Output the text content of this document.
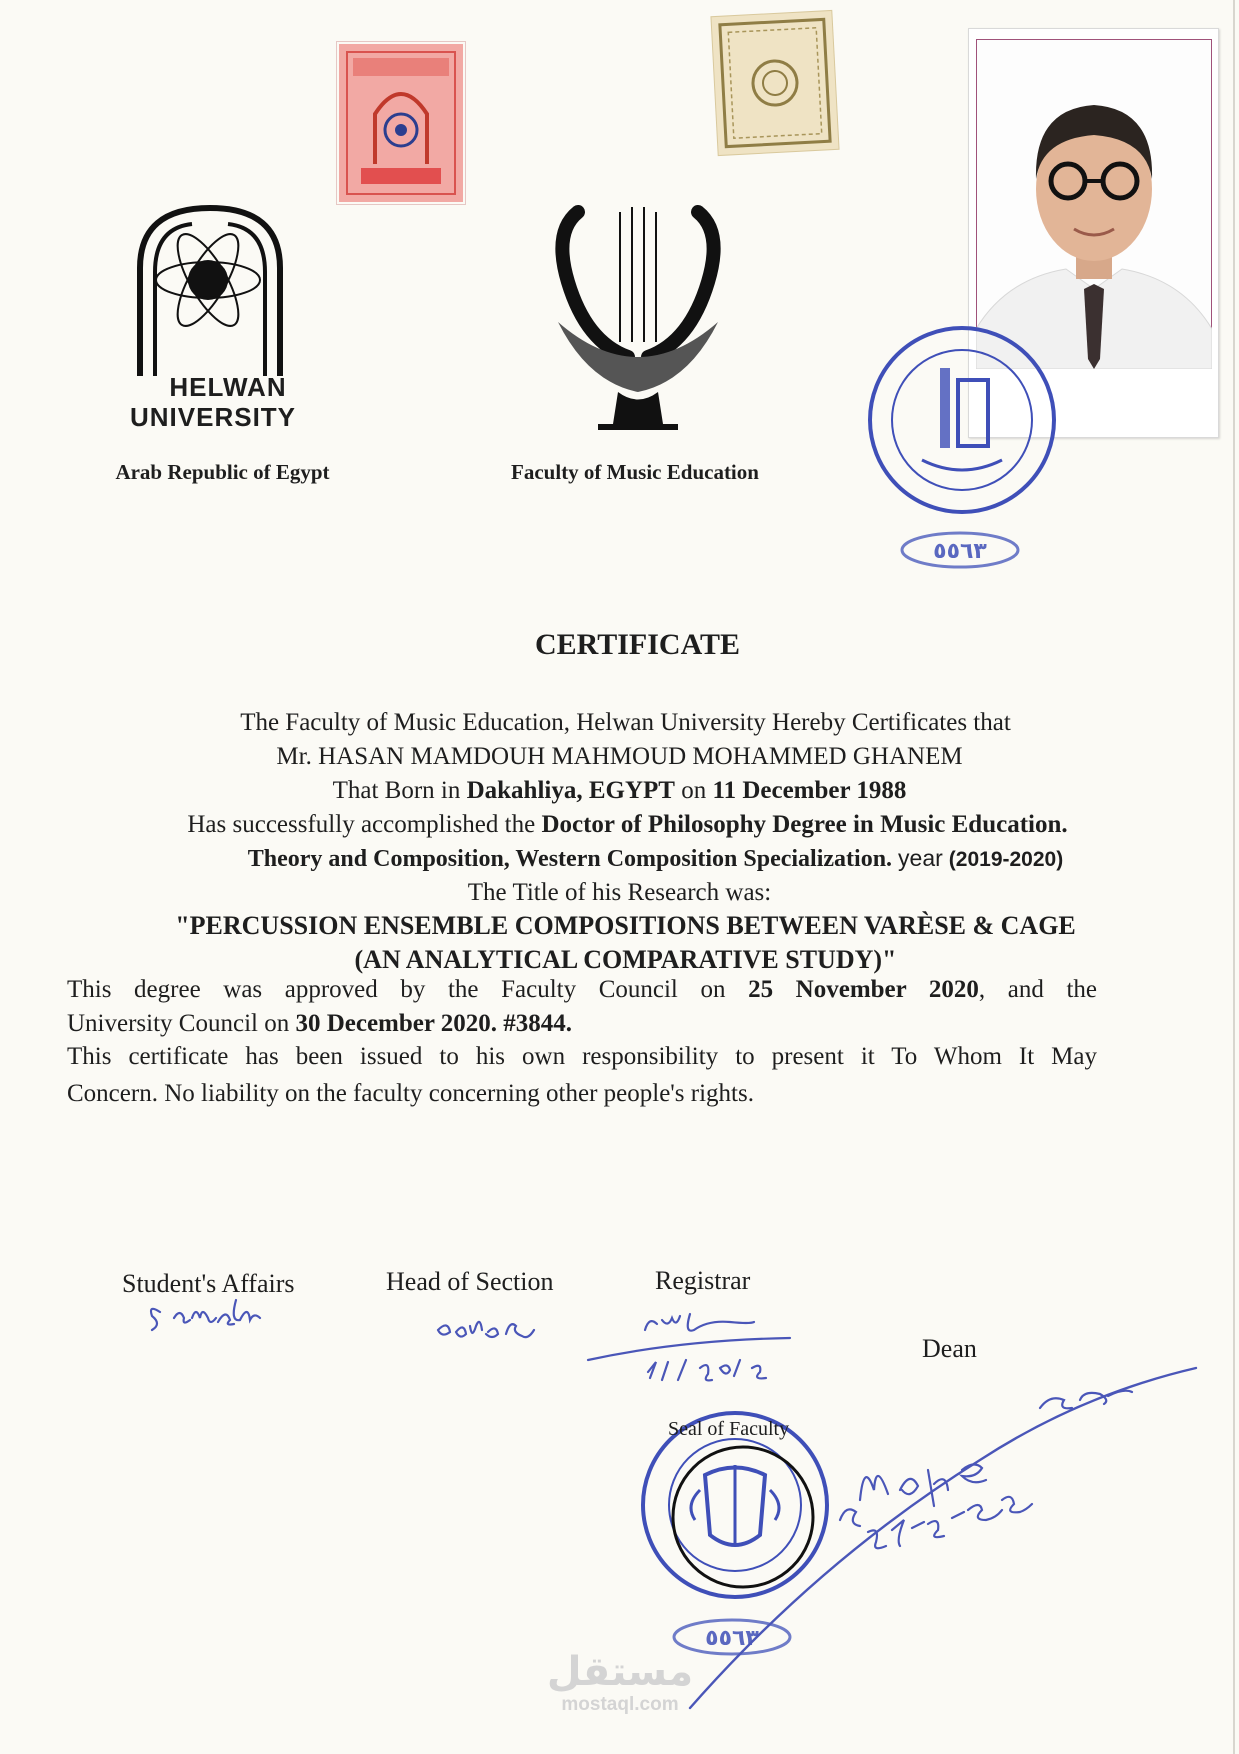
HELWAN
UNIVERSITY
Arab Republic of Egypt	Faculty of Music Education
٥٥٦٣
CERTIFICATE
The Faculty of Music Education, Helwan University Hereby Certificates that
Mr. HASAN MAMDOUH MAHMOUD MOHAMMED GHANEM
That Born in Dakahliya, EGYPT on 11 December 1988
Has successfully accomplished the Doctor of Philosophy Degree in Music Education.
Theory and Composition, Western Composition Specialization. year (2019-2020)
The Title of his Research was:
"PERCUSSION ENSEMBLE COMPOSITIONS BETWEEN VARÈSE & CAGE
(AN ANALYTICAL COMPARATIVE STUDY)"
This degree was approved by the Faculty Council on 25 November 2020, and the
University Council on 30 December 2020. #3844.
This certificate has been issued to his own responsibility to present it To Whom It May
Concern. No liability on the faculty concerning other people's rights.
Student's Affairs	Head of Section	Registrar
Dean
Seal of Faculty
٥٥٦٣
مستقل
mostaql.com
